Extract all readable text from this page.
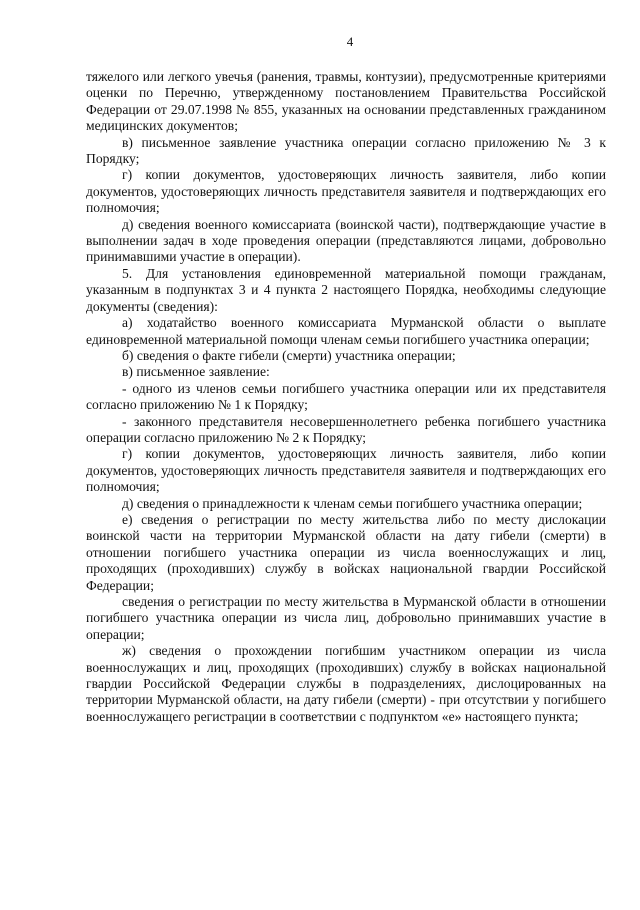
4

тяжелого или легкого увечья (ранения, травмы, контузии), предусмотренные критериями оценки по Перечню, утвержденному постановлением Правительства Российской Федерации от 29.07.1998 № 855, указанных на основании представленных гражданином медицинских документов;

в) письменное заявление участника операции согласно приложению № 3 к Порядку;

г) копии документов, удостоверяющих личность заявителя, либо копии документов, удостоверяющих личность представителя заявителя и подтверждающих его полномочия;

д) сведения военного комиссариата (воинской части), подтверждающие участие в выполнении задач в ходе проведения операции (представляются лицами, добровольно принимавшими участие в операции).

5. Для установления единовременной материальной помощи гражданам, указанным в подпунктах 3 и 4 пункта 2 настоящего Порядка, необходимы следующие документы (сведения):

а) ходатайство военного комиссариата Мурманской области о выплате единовременной материальной помощи членам семьи погибшего участника операции;

б) сведения о факте гибели (смерти) участника операции;

в) письменное заявление:

- одного из членов семьи погибшего участника операции или их представителя согласно приложению № 1 к Порядку;

- законного представителя несовершеннолетнего ребенка погибшего участника операции согласно приложению № 2 к Порядку;

г) копии документов, удостоверяющих личность заявителя, либо копии документов, удостоверяющих личность представителя заявителя и подтверждающих его полномочия;

д) сведения о принадлежности к членам семьи погибшего участника операции;

е) сведения о регистрации по месту жительства либо по месту дислокации воинской части на территории Мурманской области на дату гибели (смерти) в отношении погибшего участника операции из числа военнослужащих и лиц, проходящих (проходивших) службу в войсках национальной гвардии Российской Федерации;

сведения о регистрации по месту жительства в Мурманской области в отношении погибшего участника операции из числа лиц, добровольно принимавших участие в операции;

ж) сведения о прохождении погибшим участником операции из числа военнослужащих и лиц, проходящих (проходивших) службу в войсках национальной гвардии Российской Федерации службы в подразделениях, дислоцированных на территории Мурманской области, на дату гибели (смерти) - при отсутствии у погибшего военнослужащего регистрации в соответствии с подпунктом «е» настоящего пункта;
